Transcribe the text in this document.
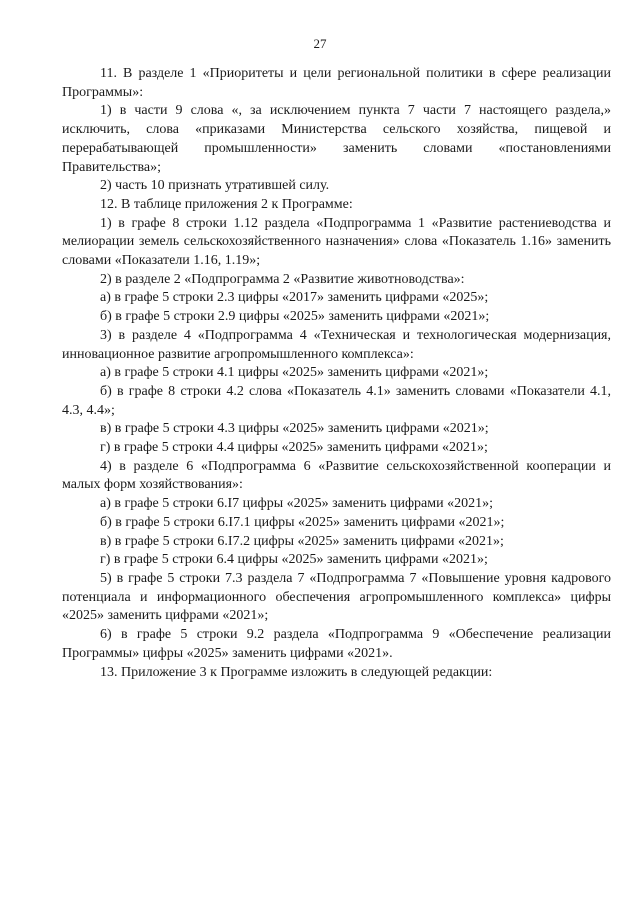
27

11. В разделе 1 «Приоритеты и цели региональной политики в сфере реализации Программы»:

1) в части 9 слова «, за исключением пункта 7 части 7 настоящего раздела,» исключить, слова «приказами Министерства сельского хозяйства, пищевой и перерабатывающей промышленности» заменить словами «постановлениями Правительства»;

2) часть 10 признать утратившей силу.

12. В таблице приложения 2 к Программе:

1) в графе 8 строки 1.12 раздела «Подпрограмма 1 «Развитие растениеводства и мелиорации земель сельскохозяйственного назначения» слова «Показатель 1.16» заменить словами «Показатели 1.16, 1.19»;

2) в разделе 2 «Подпрограмма 2 «Развитие животноводства»:

а) в графе 5 строки 2.3 цифры «2017» заменить цифрами «2025»;

б) в графе 5 строки 2.9 цифры «2025» заменить цифрами «2021»;

3) в разделе 4 «Подпрограмма 4 «Техническая и технологическая модернизация, инновационное развитие агропромышленного комплекса»:

а) в графе 5 строки 4.1 цифры «2025» заменить цифрами «2021»;

б) в графе 8 строки 4.2 слова «Показатель 4.1» заменить словами «Показатели 4.1, 4.3, 4.4»;

в) в графе 5 строки 4.3 цифры «2025» заменить цифрами «2021»;

г) в графе 5 строки 4.4 цифры «2025» заменить цифрами «2021»;

4) в разделе 6 «Подпрограмма 6 «Развитие сельскохозяйственной кооперации и малых форм хозяйствования»:

а) в графе 5 строки 6.I7 цифры «2025» заменить цифрами «2021»;

б) в графе 5 строки 6.I7.1 цифры «2025» заменить цифрами «2021»;

в) в графе 5 строки 6.I7.2 цифры «2025» заменить цифрами «2021»;

г) в графе 5 строки 6.4 цифры «2025» заменить цифрами «2021»;

5) в графе 5 строки 7.3 раздела 7 «Подпрограмма 7 «Повышение уровня кадрового потенциала и информационного обеспечения агропромышленного комплекса» цифры «2025» заменить цифрами «2021»;

6) в графе 5 строки 9.2 раздела «Подпрограмма 9 «Обеспечение реализации Программы» цифры «2025» заменить цифрами «2021».

13. Приложение 3 к Программе изложить в следующей редакции:
